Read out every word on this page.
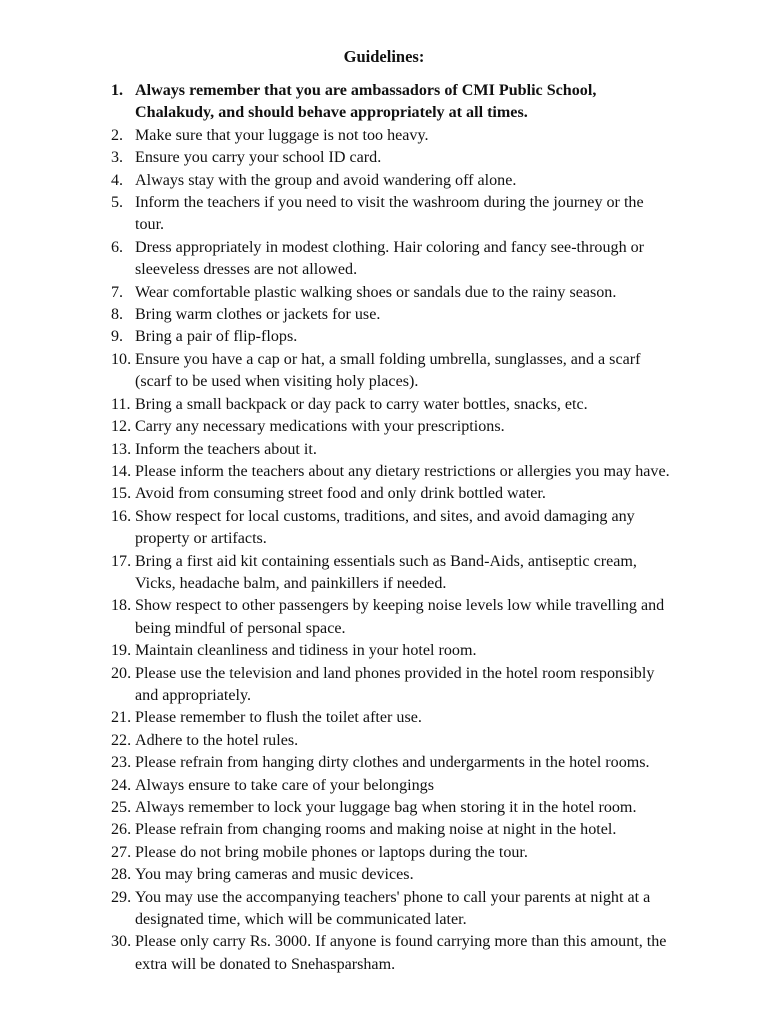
Guidelines:
1. Always remember that you are ambassadors of CMI Public School,
Chalakudy, and should behave appropriately at all times.
2. Make sure that your luggage is not too heavy.
3. Ensure you carry your school ID card.
4. Always stay with the group and avoid wandering off alone.
5. Inform the teachers if you need to visit the washroom during the journey or the
tour.
6. Dress appropriately in modest clothing. Hair coloring and fancy see-through or
sleeveless dresses are not allowed.
7. Wear comfortable plastic walking shoes or sandals due to the rainy season.
8. Bring warm clothes or jackets for use.
9. Bring a pair of flip-flops.
10. Ensure you have a cap or hat, a small folding umbrella, sunglasses, and a scarf
(scarf to be used when visiting holy places).
11. Bring a small backpack or day pack to carry water bottles, snacks, etc.
12. Carry any necessary medications with your prescriptions.
13. Inform the teachers about it.
14. Please inform the teachers about any dietary restrictions or allergies you may have.
15. Avoid from consuming street food and only drink bottled water.
16. Show respect for local customs, traditions, and sites, and avoid damaging any
property or artifacts.
17. Bring a first aid kit containing essentials such as Band-Aids, antiseptic cream,
Vicks, headache balm, and painkillers if needed.
18. Show respect to other passengers by keeping noise levels low while travelling and
being mindful of personal space.
19. Maintain cleanliness and tidiness in your hotel room.
20. Please use the television and land phones provided in the hotel room responsibly
and appropriately.
21. Please remember to flush the toilet after use.
22. Adhere to the hotel rules.
23. Please refrain from hanging dirty clothes and undergarments in the hotel rooms.
24. Always ensure to take care of your belongings
25. Always remember to lock your luggage bag when storing it in the hotel room.
26. Please refrain from changing rooms and making noise at night in the hotel.
27. Please do not bring mobile phones or laptops during the tour.
28. You may bring cameras and music devices.
29. You may use the accompanying teachers' phone to call your parents at night at a
designated time, which will be communicated later.
30. Please only carry Rs. 3000. If anyone is found carrying more than this amount, the
extra will be donated to Snehasparsham.
